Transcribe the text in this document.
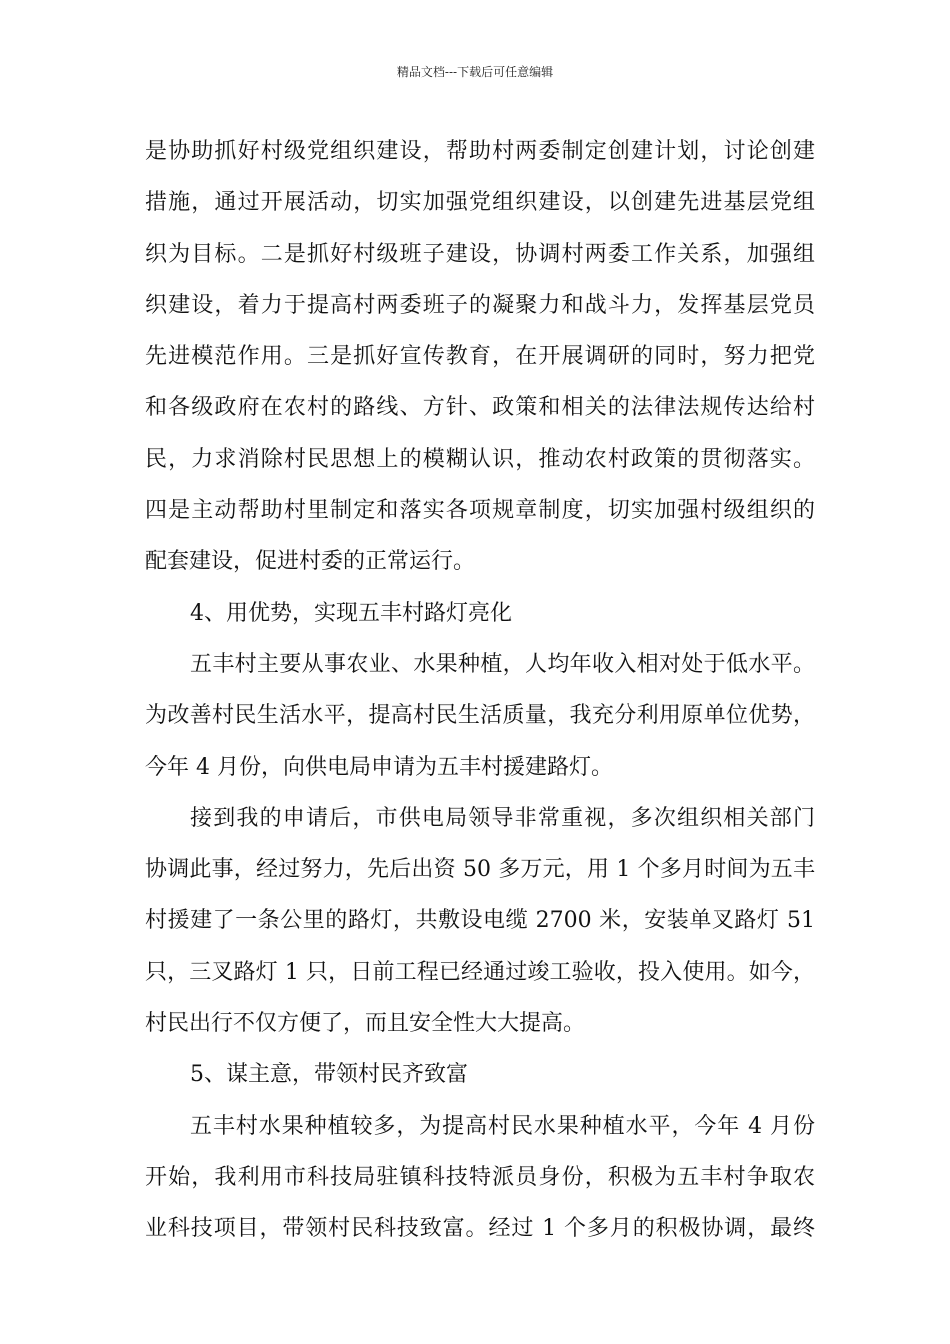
精品文档---下载后可任意编辑
是协助抓好村级党组织建设，帮助村两委制定创建计划，讨论创建
措施，通过开展活动，切实加强党组织建设，以创建先进基层党组
织为目标。二是抓好村级班子建设，协调村两委工作关系，加强组
织建设，着力于提高村两委班子的凝聚力和战斗力，发挥基层党员
先进模范作用。三是抓好宣传教育，在开展调研的同时，努力把党
和各级政府在农村的路线、方针、政策和相关的法律法规传达给村
民，力求消除村民思想上的模糊认识，推动农村政策的贯彻落实。
四是主动帮助村里制定和落实各项规章制度，切实加强村级组织的
配套建设，促进村委的正常运行。
4、用优势，实现五丰村路灯亮化
五丰村主要从事农业、水果种植，人均年收入相对处于低水平。
为改善村民生活水平，提高村民生活质量，我充分利用原单位优势，
今年 4 月份，向供电局申请为五丰村援建路灯。
接到我的申请后，市供电局领导非常重视，多次组织相关部门
协调此事，经过努力，先后出资 50 多万元，用 1 个多月时间为五丰
村援建了一条公里的路灯，共敷设电缆 2700 米，安装单叉路灯 51
只，三叉路灯 1 只，日前工程已经通过竣工验收，投入使用。如今，
村民出行不仅方便了，而且安全性大大提高。
5、谋主意，带领村民齐致富
五丰村水果种植较多，为提高村民水果种植水平，今年 4 月份
开始，我利用市科技局驻镇科技特派员身份，积极为五丰村争取农
业科技项目，带领村民科技致富。经过 1 个多月的积极协调，最终
